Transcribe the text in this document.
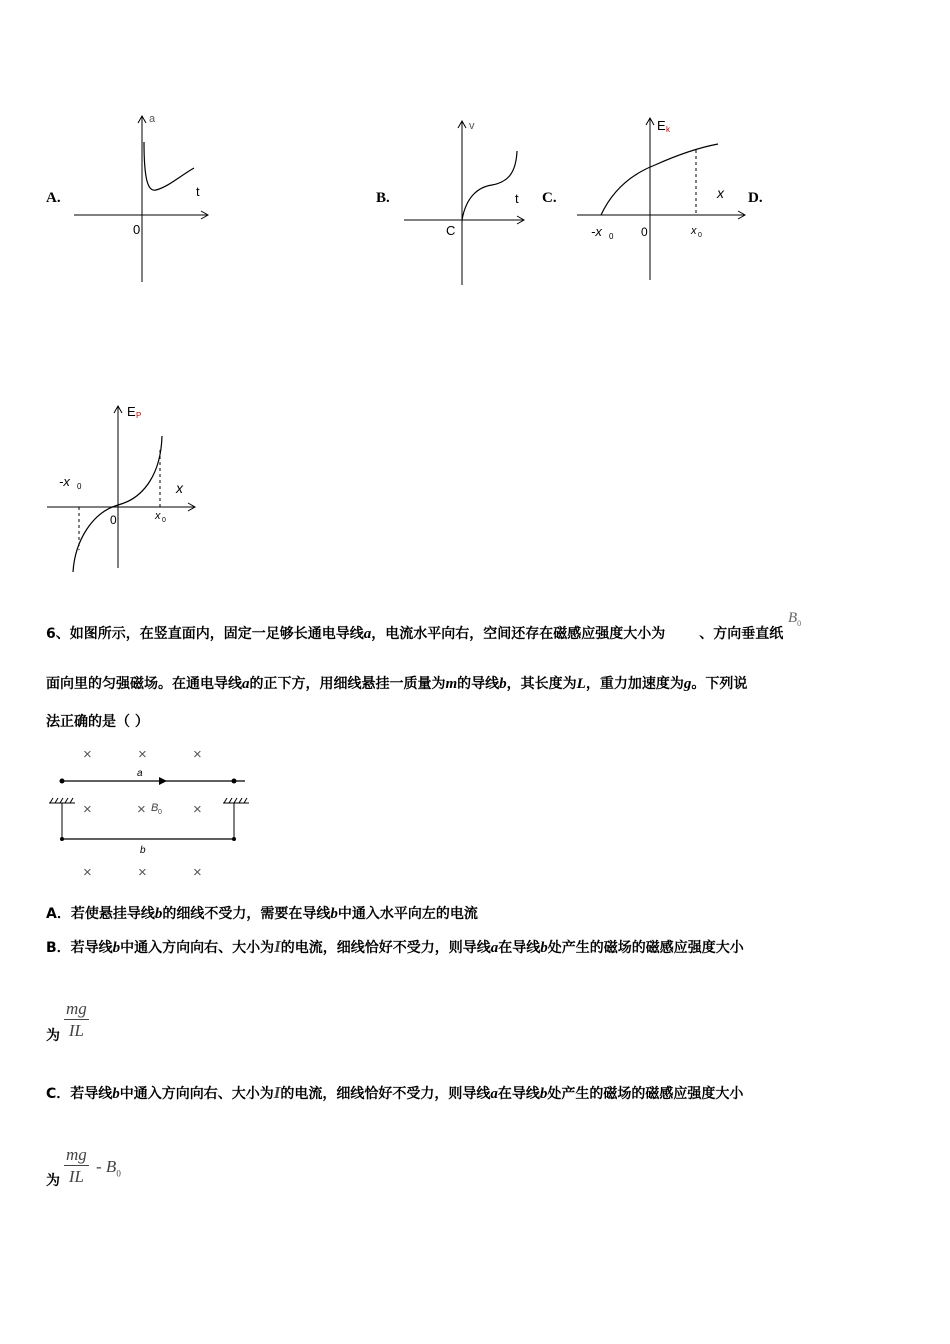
A.	B.	C.	D.
a
t
0
v
t
C
E k
x
0
-x 0	x 0
E P
x
0
-x 0
x 0
6、如图所示，在竖直面内，固定一足够长通电导线a，电流水平向右，空间还存在磁感应强度大小为 、方向垂直纸
$B_0$
面向里的匀强磁场。在通电导线a的正下方，用细线悬挂一质量为m的导线b，其长度为L，重力加速度为g。下列说
法正确的是（ ）
×	×	×
a
×	× B 0 ×
b
×	×	×
A．若使悬挂导线b的细线不受力，需要在导线b中通入水平向左的电流
B．若导线b中通入方向向右、大小为I的电流，细线恰好不受力，则导线a在导线b处产生的磁场的磁感应强度大小
为 $\frac{mg}{IL}$
C．若导线b中通入方向向右、大小为I的电流，细线恰好不受力，则导线a在导线b处产生的磁场的磁感应强度大小
为 $\frac{mg}{IL} - B_0$
